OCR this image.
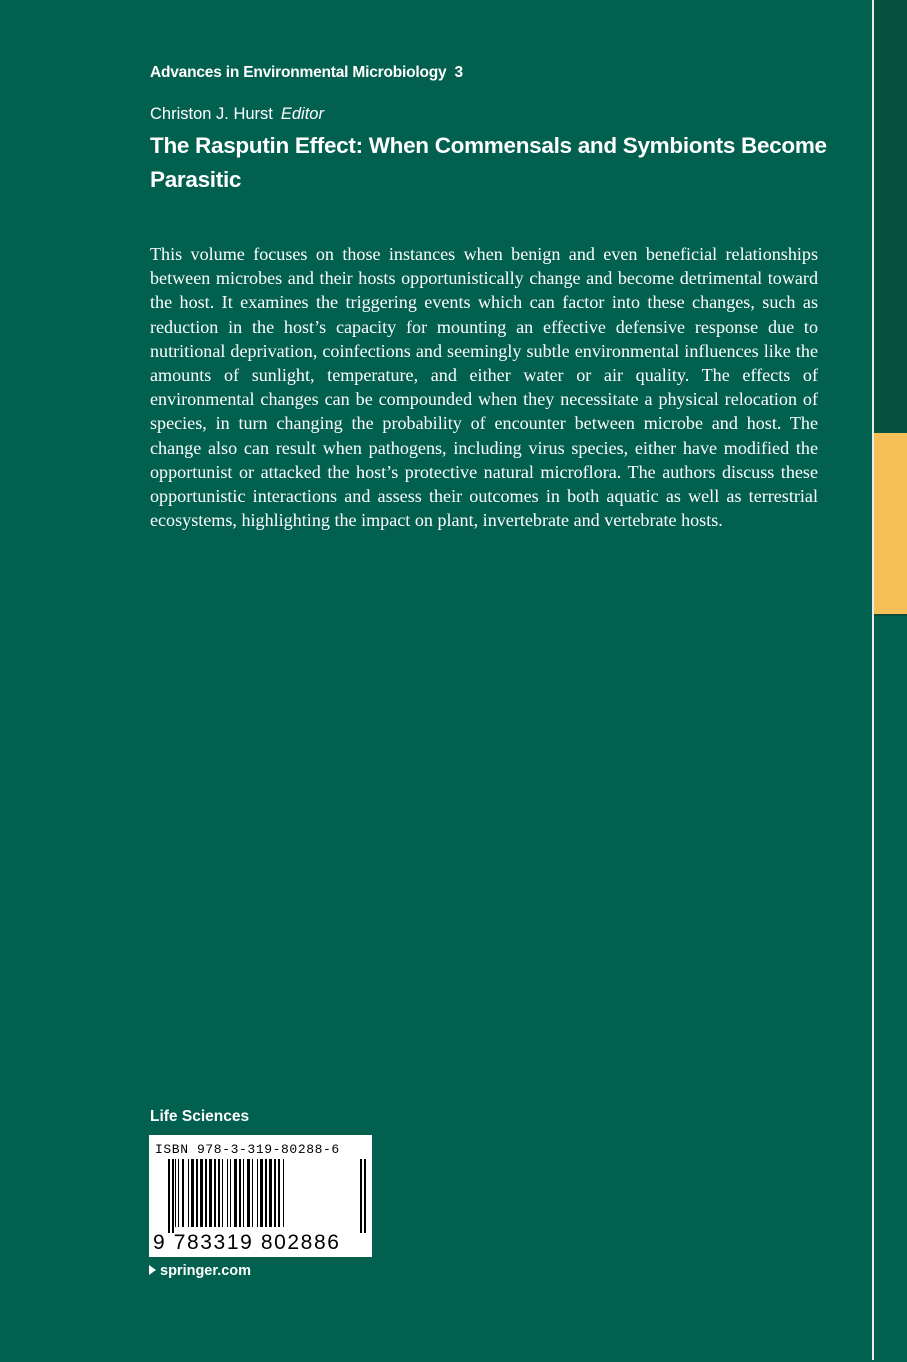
Advances in Environmental Microbiology 3
Christon J. Hurst Editor
The Rasputin Effect: When Commensals and Symbionts Become Parasitic

This volume focuses on those instances when benign and even beneficial relationships between microbes and their hosts opportunistically change and become detrimental toward the host. It examines the triggering events which can factor into these changes, such as reduction in the host’s capacity for mounting an effective defensive response due to nutritional deprivation, coinfections and seemingly subtle environmental influences like the amounts of sunlight, temperature, and either water or air quality. The effects of environmental changes can be compounded when they necessitate a physical relocation of species, in turn changing the probability of encounter between microbe and host. The change also can result when pathogens, including virus species, either have modified the opportunist or attacked the host’s protective natural microflora. The authors discuss these opportunistic interactions and assess their outcomes in both aquatic as well as terrestrial ecosystems, highlighting the impact on plant, invertebrate and vertebrate hosts.

Life Sciences
ISBN 978-3-319-80288-6
9 783319 802886
springer.com
